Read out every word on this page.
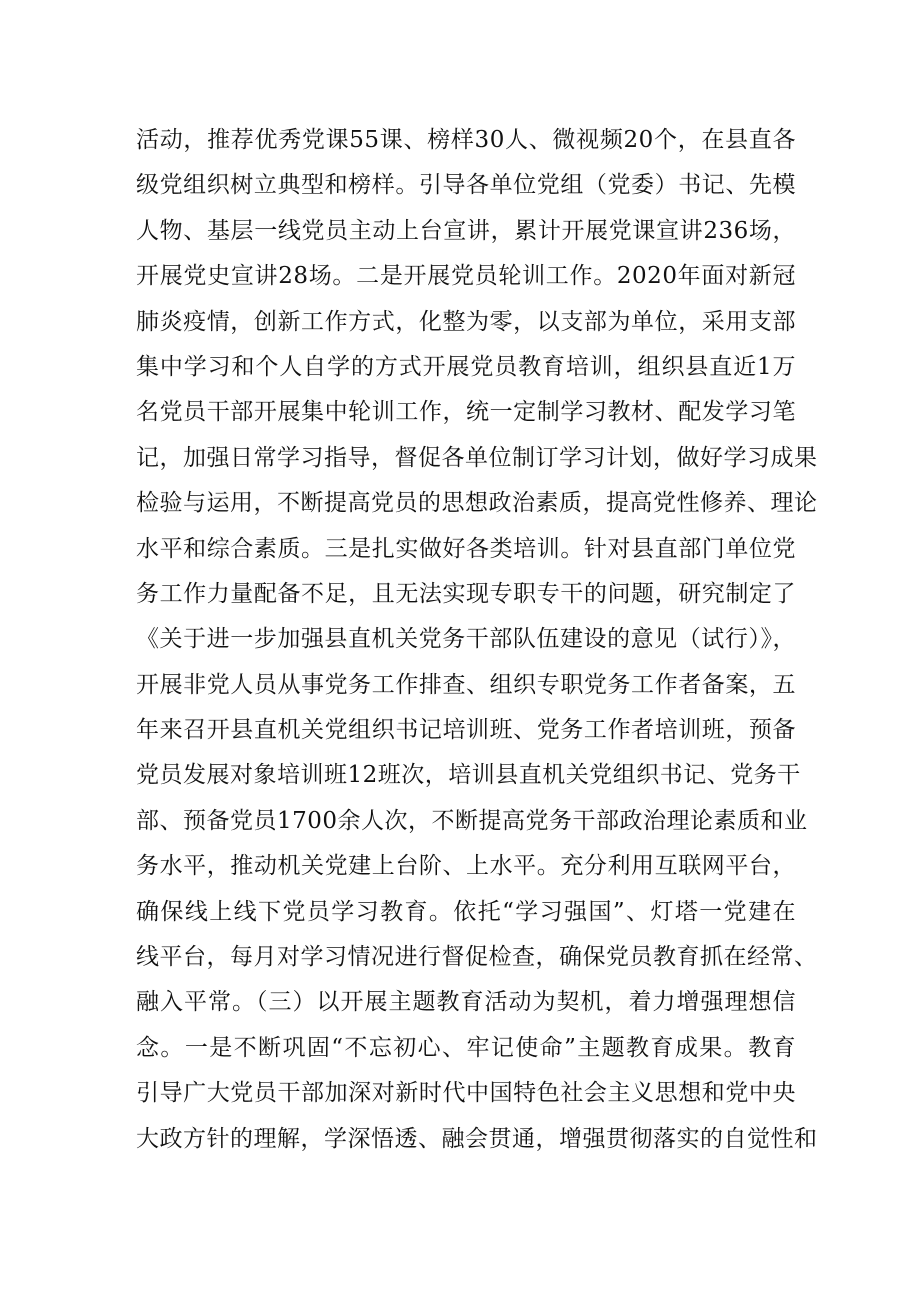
活动，推荐优秀党课55课、榜样30人、微视频20个，在县直各
级党组织树立典型和榜样。引导各单位党组（党委）书记、先模
人物、基层一线党员主动上台宣讲，累计开展党课宣讲236场，
开展党史宣讲28场。二是开展党员轮训工作。2020年面对新冠
肺炎疫情，创新工作方式，化整为零，以支部为单位，采用支部
集中学习和个人自学的方式开展党员教育培训，组织县直近1万
名党员干部开展集中轮训工作，统一定制学习教材、配发学习笔
记，加强日常学习指导，督促各单位制订学习计划，做好学习成果
检验与运用，不断提高党员的思想政治素质，提高党性修养、理论
水平和综合素质。三是扎实做好各类培训。针对县直部门单位党
务工作力量配备不足，且无法实现专职专干的问题，研究制定了
《关于进一步加强县直机关党务干部队伍建设的意见（试行）》，
开展非党人员从事党务工作排查、组织专职党务工作者备案，五
年来召开县直机关党组织书记培训班、党务工作者培训班，预备
党员发展对象培训班12班次，培训县直机关党组织书记、党务干
部、预备党员1700余人次，不断提高党务干部政治理论素质和业
务水平，推动机关党建上台阶、上水平。充分利用互联网平台，
确保线上线下党员学习教育。依托“学习强国”、灯塔一党建在
线平台，每月对学习情况进行督促检查，确保党员教育抓在经常、
融入平常。（三）以开展主题教育活动为契机，着力增强理想信
念。一是不断巩固“不忘初心、牢记使命”主题教育成果。教育
引导广大党员干部加深对新时代中国特色社会主义思想和党中央
大政方针的理解，学深悟透、融会贯通，增强贯彻落实的自觉性和
